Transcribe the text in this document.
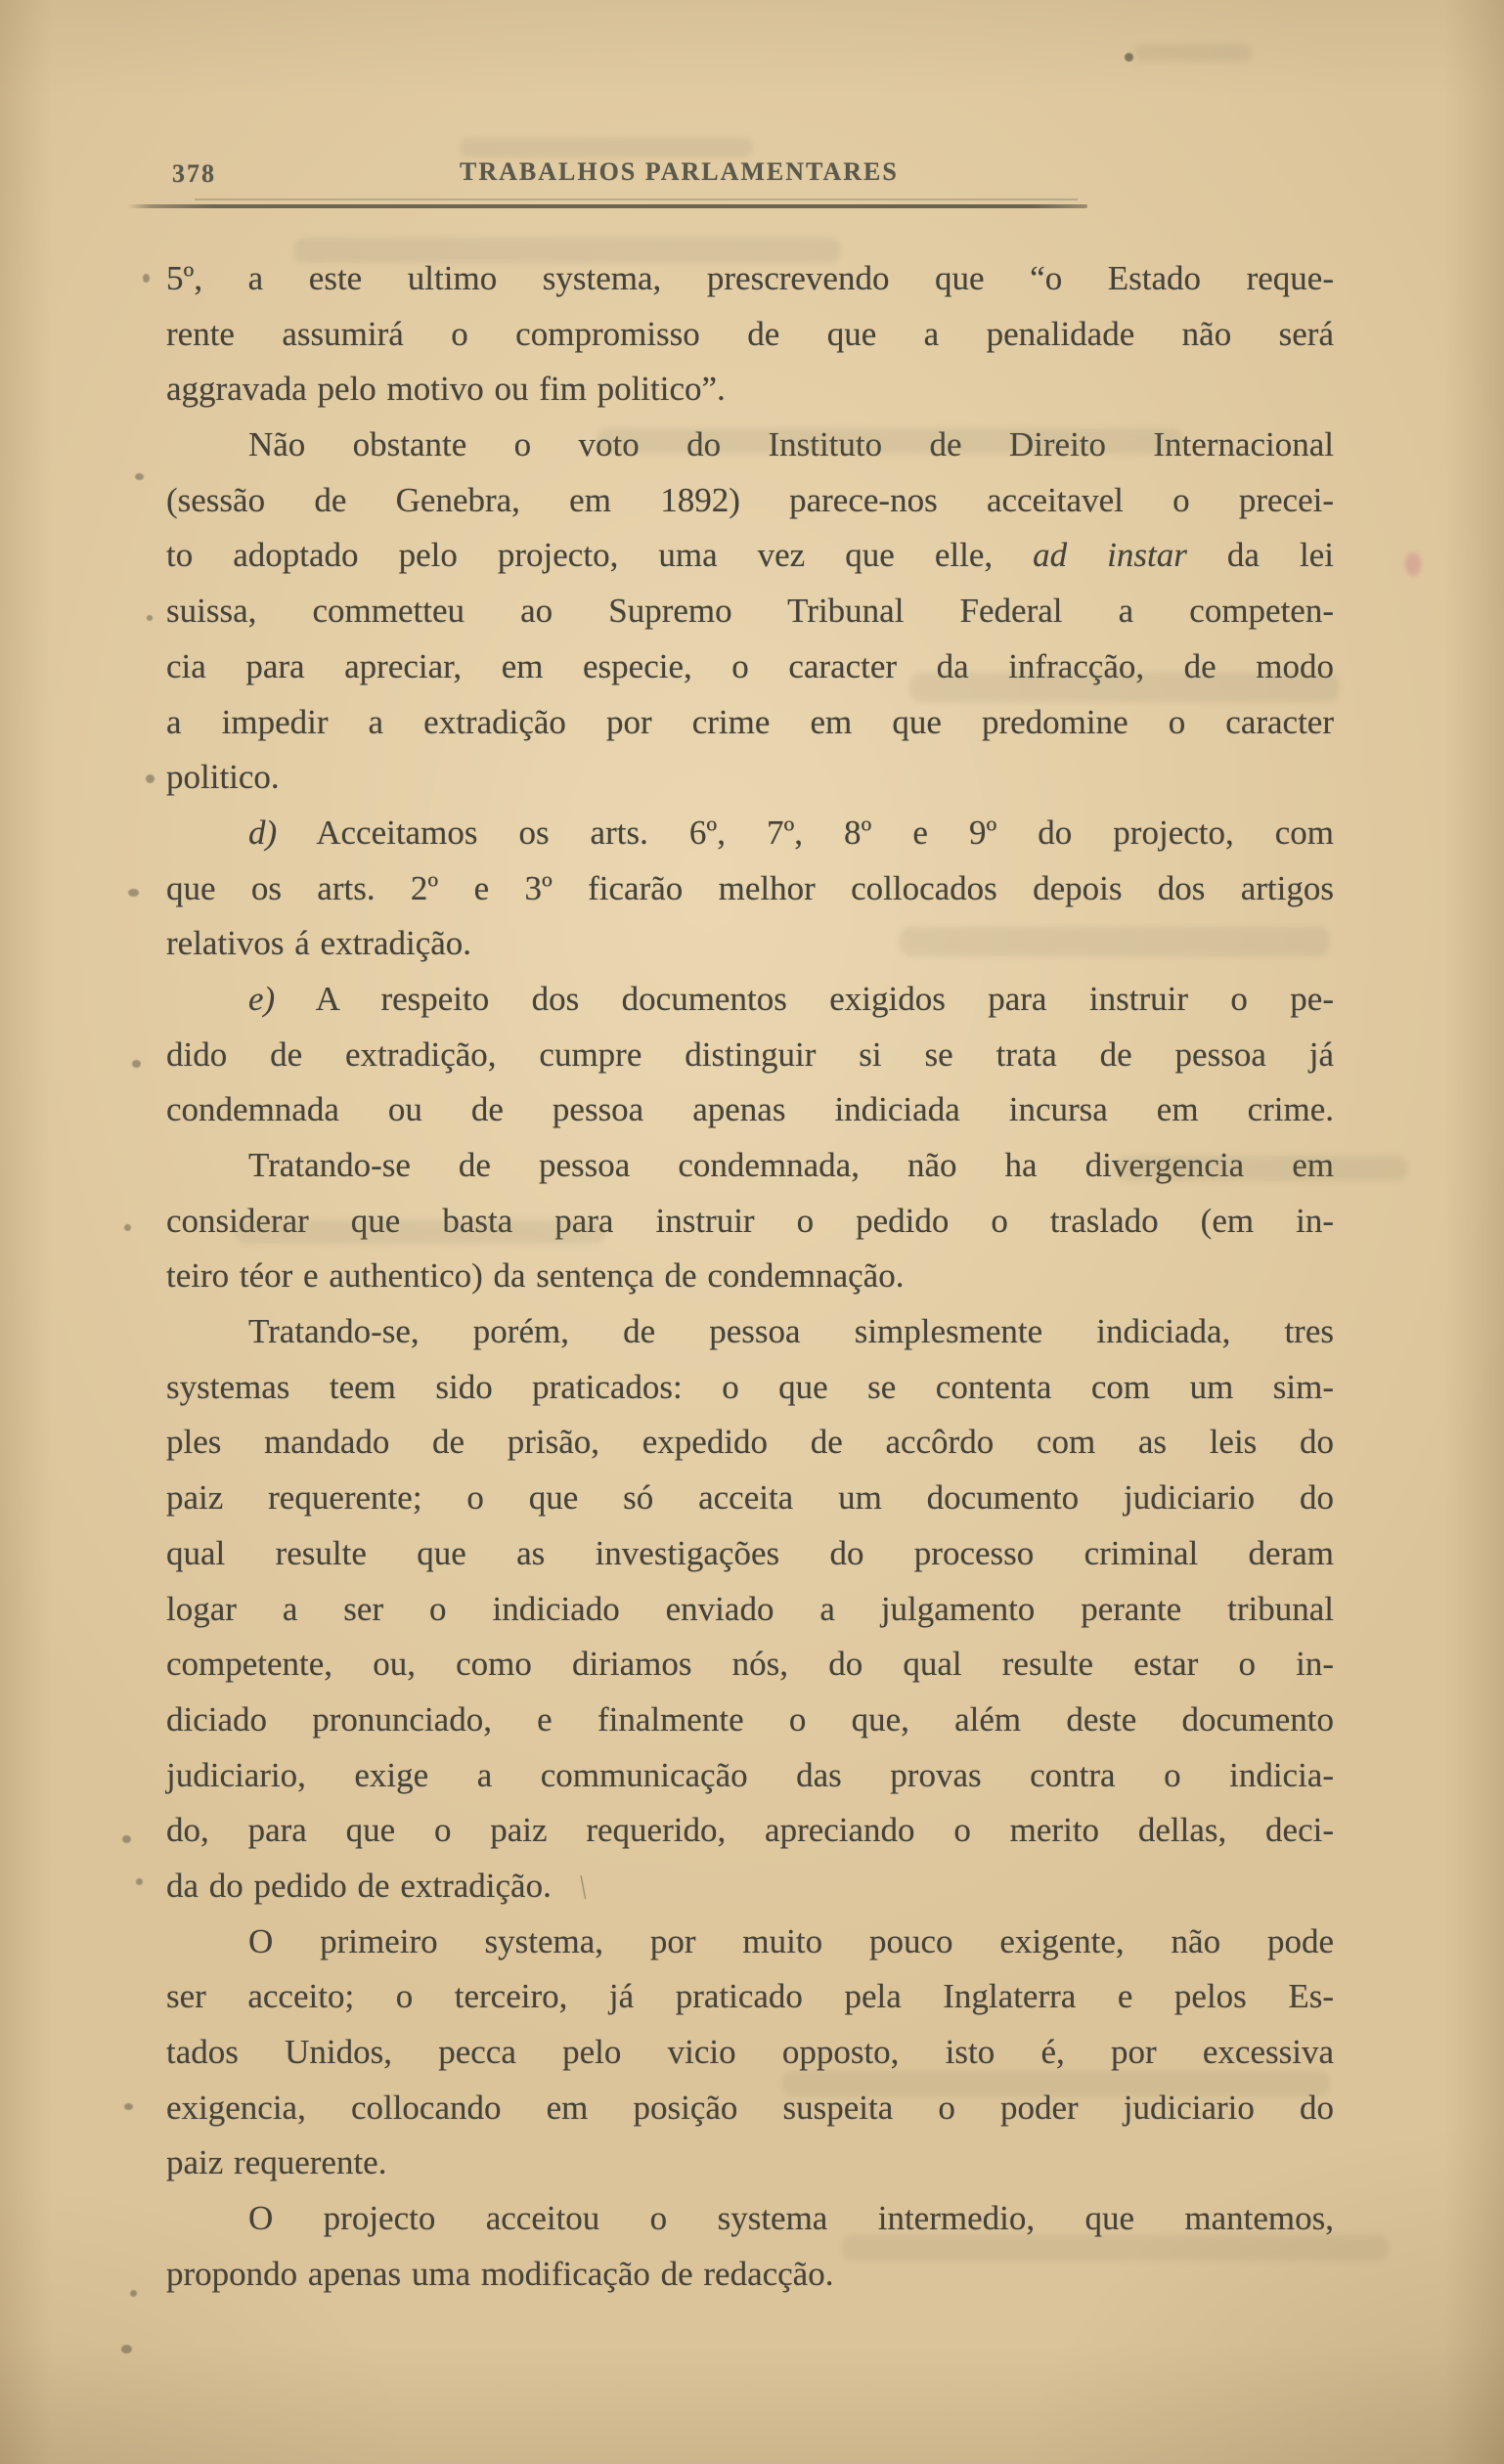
378	TRABALHOS PARLAMENTARES
5º, a este ultimo systema, prescrevendo que “o Estado reque-
rente assumirá o compromisso de que a penalidade não será
aggravada pelo motivo ou fim politico”.
Não obstante o voto do Instituto de Direito Internacional
(sessão de Genebra, em 1892) parece-nos acceitavel o precei-
to adoptado pelo projecto, uma vez que elle, ad instar da lei
suissa, commetteu ao Supremo Tribunal Federal a competen-
cia para apreciar, em especie, o caracter da infracção, de modo
a impedir a extradição por crime em que predomine o caracter
politico.
d) Acceitamos os arts. 6º, 7º, 8º e 9º do projecto, com
que os arts. 2º e 3º ficarão melhor collocados depois dos artigos
relativos á extradição.
e) A respeito dos documentos exigidos para instruir o pe-
dido de extradição, cumpre distinguir si se trata de pessoa já
condemnada ou de pessoa apenas indiciada incursa em crime.
Tratando-se de pessoa condemnada, não ha divergencia em
considerar que basta para instruir o pedido o traslado (em in-
teiro téor e authentico) da sentença de condemnação.
Tratando-se, porém, de pessoa simplesmente indiciada, tres
systemas teem sido praticados: o que se contenta com um sim-
ples mandado de prisão, expedido de accôrdo com as leis do
paiz requerente; o que só acceita um documento judiciario do
qual resulte que as investigações do processo criminal deram
logar a ser o indiciado enviado a julgamento perante tribunal
competente, ou, como diriamos nós, do qual resulte estar o in-
diciado pronunciado, e finalmente o que, além deste documento
judiciario, exige a communicação das provas contra o indicia-
do, para que o paiz requerido, apreciando o merito dellas, deci-
da do pedido de extradição. \
O primeiro systema, por muito pouco exigente, não pode
ser acceito; o terceiro, já praticado pela Inglaterra e pelos Es-
tados Unidos, pecca pelo vicio opposto, isto é, por excessiva
exigencia, collocando em posição suspeita o poder judiciario do
paiz requerente.
O projecto acceitou o systema intermedio, que mantemos,
propondo apenas uma modificação de redacção.
